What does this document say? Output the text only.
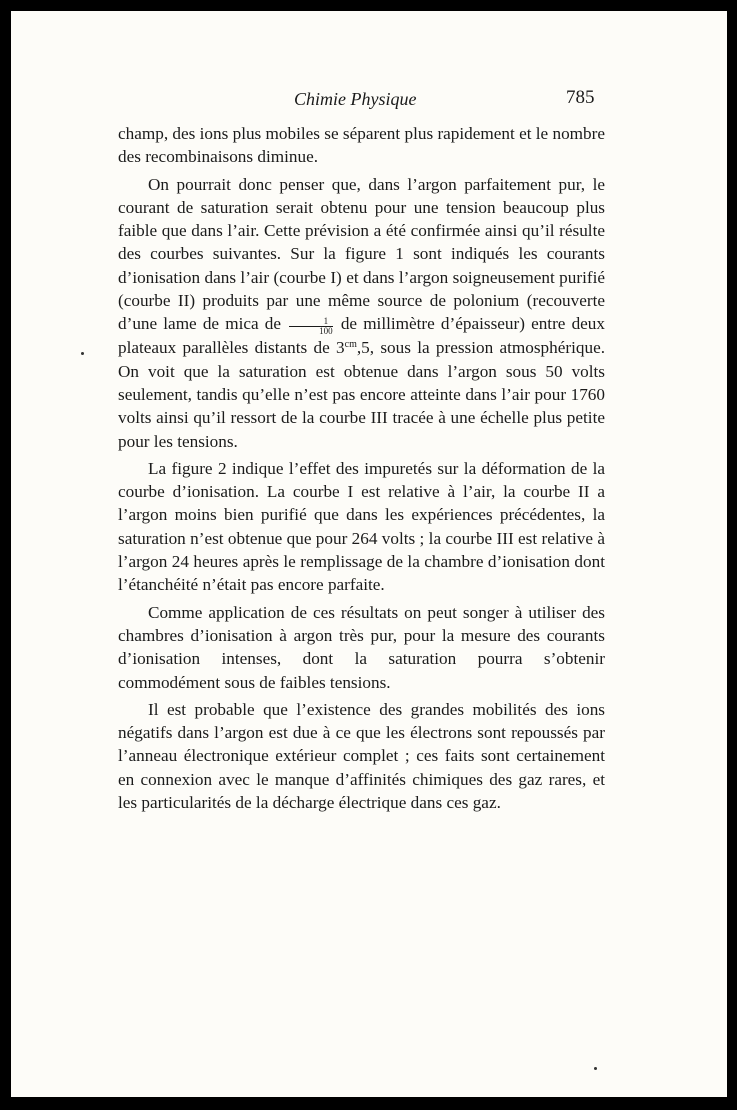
Chimie Physique	785

champ, des ions plus mobiles se séparent plus rapidement et le nombre des recombinaisons diminue.

On pourrait donc penser que, dans l’argon parfaitement pur, le courant de saturation serait obtenu pour une tension beaucoup plus faible que dans l’air. Cette prévision a été confirmée ainsi qu’il résulte des courbes suivantes. Sur la figure 1 sont indiqués les courants d’ionisation dans l’air (courbe I) et dans l’argon soigneusement purifié (courbe II) produits par une même source de polonium (recouverte d’une lame de mica de $\frac{1}{100}$ de millimètre d’épaisseur) entre deux plateaux parallèles distants de $3^{cm},5$, sous la pression atmosphérique. On voit que la saturation est obtenue dans l’argon sous 50 volts seulement, tandis qu’elle n’est pas encore atteinte dans l’air pour 1760 volts ainsi qu’il ressort de la courbe III tracée à une échelle plus petite pour les tensions.

La figure 2 indique l’effet des impuretés sur la déformation de la courbe d’ionisation. La courbe I est relative à l’air, la courbe II a l’argon moins bien purifié que dans les expériences précédentes, la saturation n’est obtenue que pour 264 volts ; la courbe III est relative à l’argon 24 heures après le remplissage de la chambre d’ionisation dont l’étanchéité n’était pas encore parfaite.

Comme application de ces résultats on peut songer à utiliser des chambres d’ionisation à argon très pur, pour la mesure des courants d’ionisation intenses, dont la saturation pourra s’obtenir commodément sous de faibles tensions.

Il est probable que l’existence des grandes mobilités des ions négatifs dans l’argon est due à ce que les électrons sont repoussés par l’anneau électronique extérieur complet ; ces faits sont certainement en connexion avec le manque d’affinités chimiques des gaz rares, et les particularités de la décharge électrique dans ces gaz.
